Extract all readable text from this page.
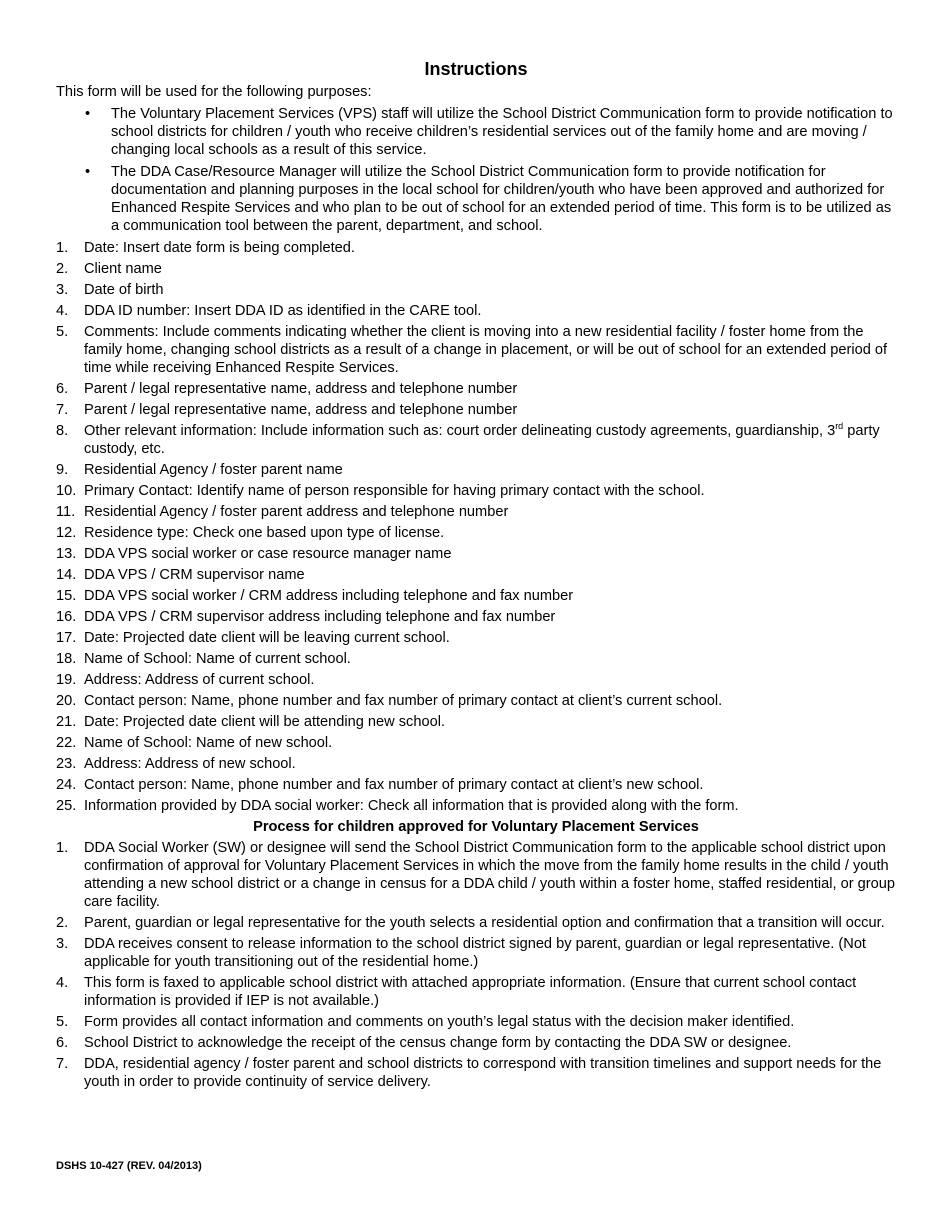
Instructions

This form will be used for the following purposes:

• The Voluntary Placement Services (VPS) staff will utilize the School District Communication form to provide notification to school districts for children / youth who receive children’s residential services out of the family home and are moving / changing local schools as a result of this service.
• The DDA Case/Resource Manager will utilize the School District Communication form to provide notification for documentation and planning purposes in the local school for children/youth who have been approved and authorized for Enhanced Respite Services and who plan to be out of school for an extended period of time. This form is to be utilized as a communication tool between the parent, department, and school.
1. Date: Insert date form is being completed.
2. Client name
3. Date of birth
4. DDA ID number: Insert DDA ID as identified in the CARE tool.
5. Comments: Include comments indicating whether the client is moving into a new residential facility / foster home from the family home, changing school districts as a result of a change in placement, or will be out of school for an extended period of time while receiving Enhanced Respite Services.
6. Parent / legal representative name, address and telephone number
7. Parent / legal representative name, address and telephone number
8. Other relevant information: Include information such as: court order delineating custody agreements, guardianship, 3rd party custody, etc.
9. Residential Agency / foster parent name
10. Primary Contact: Identify name of person responsible for having primary contact with the school.
11. Residential Agency / foster parent address and telephone number
12. Residence type: Check one based upon type of license.
13. DDA VPS social worker or case resource manager name
14. DDA VPS / CRM supervisor name
15. DDA VPS social worker / CRM address including telephone and fax number
16. DDA VPS / CRM supervisor address including telephone and fax number
17. Date: Projected date client will be leaving current school.
18. Name of School: Name of current school.
19. Address: Address of current school.
20. Contact person: Name, phone number and fax number of primary contact at client’s current school.
21. Date: Projected date client will be attending new school.
22. Name of School: Name of new school.
23. Address: Address of new school.
24. Contact person: Name, phone number and fax number of primary contact at client’s new school.
25. Information provided by DDA social worker: Check all information that is provided along with the form.
Process for children approved for Voluntary Placement Services
1. DDA Social Worker (SW) or designee will send the School District Communication form to the applicable school district upon confirmation of approval for Voluntary Placement Services in which the move from the family home results in the child / youth attending a new school district or a change in census for a DDA child / youth within a foster home, staffed residential, or group care facility.
2. Parent, guardian or legal representative for the youth selects a residential option and confirmation that a transition will occur.
3. DDA receives consent to release information to the school district signed by parent, guardian or legal representative. (Not applicable for youth transitioning out of the residential home.)
4. This form is faxed to applicable school district with attached appropriate information. (Ensure that current school contact information is provided if IEP is not available.)
5. Form provides all contact information and comments on youth’s legal status with the decision maker identified.
6. School District to acknowledge the receipt of the census change form by contacting the DDA SW or designee.
7. DDA, residential agency / foster parent and school districts to correspond with transition timelines and support needs for the youth in order to provide continuity of service delivery.
DSHS 10-427 (REV. 04/2013)
